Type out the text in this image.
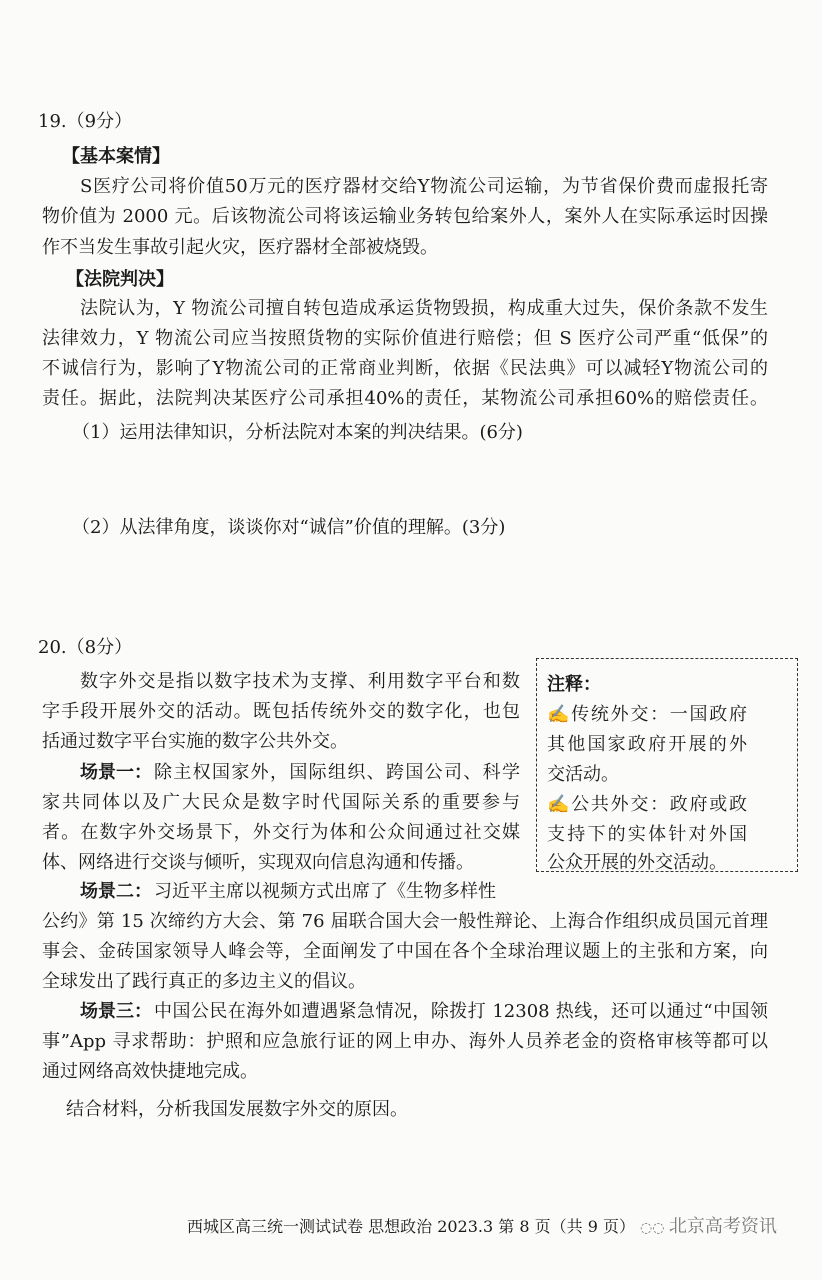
19.（9分）
【基本案情】
S医疗公司将价值50万元的医疗器材交给Y物流公司运输，为节省保价费而虚报托寄
物价值为 2000 元。后该物流公司将该运输业务转包给案外人，案外人在实际承运时因操
作不当发生事故引起火灾，医疗器材全部被烧毁。
【法院判决】
法院认为，Y 物流公司擅自转包造成承运货物毁损，构成重大过失，保价条款不发生
法律效力，Y 物流公司应当按照货物的实际价值进行赔偿；但 S 医疗公司严重“低保”的
不诚信行为，影响了Y物流公司的正常商业判断，依据《民法典》可以减轻Y物流公司的
责任。据此，法院判决某医疗公司承担40%的责任，某物流公司承担60%的赔偿责任。
（1）运用法律知识，分析法院对本案的判决结果。(6分)
（2）从法律角度，谈谈你对“诚信”价值的理解。(3分)
20.（8分）
数字外交是指以数字技术为支撑、利用数字平台和数
字手段开展外交的活动。既包括传统外交的数字化，也包
括通过数字平台实施的数字公共外交。
场景一： 除主权国家外，国际组织、跨国公司、科学
家共同体以及广大民众是数字时代国际关系的重要参与
者。在数字外交场景下，外交行为体和公众间通过社交媒
体、网络进行交谈与倾听，实现双向信息沟通和传播。
注释：
✍传统外交：一国政府
其他国家政府开展的外
交活动。
✍公共外交：政府或政
支持下的实体针对外国
公众开展的外交活动。
场景二： 习近平主席以视频方式出席了《生物多样性
公约》第 15 次缔约方大会、第 76 届联合国大会一般性辩论、上海合作组织成员国元首理
事会、金砖国家领导人峰会等，全面阐发了中国在各个全球治理议题上的主张和方案，向
全球发出了践行真正的多边主义的倡议。
场景三： 中国公民在海外如遭遇紧急情况，除拨打 12308 热线，还可以通过“中国领
事”App 寻求帮助：护照和应急旅行证的网上申办、海外人员养老金的资格审核等都可以
通过网络高效快捷地完成。
结合材料，分析我国发展数字外交的原因。
西城区高三统一测试试卷 思想政治 2023.3 第 8 页（共 9 页） ◌◌ 北京高考资讯
